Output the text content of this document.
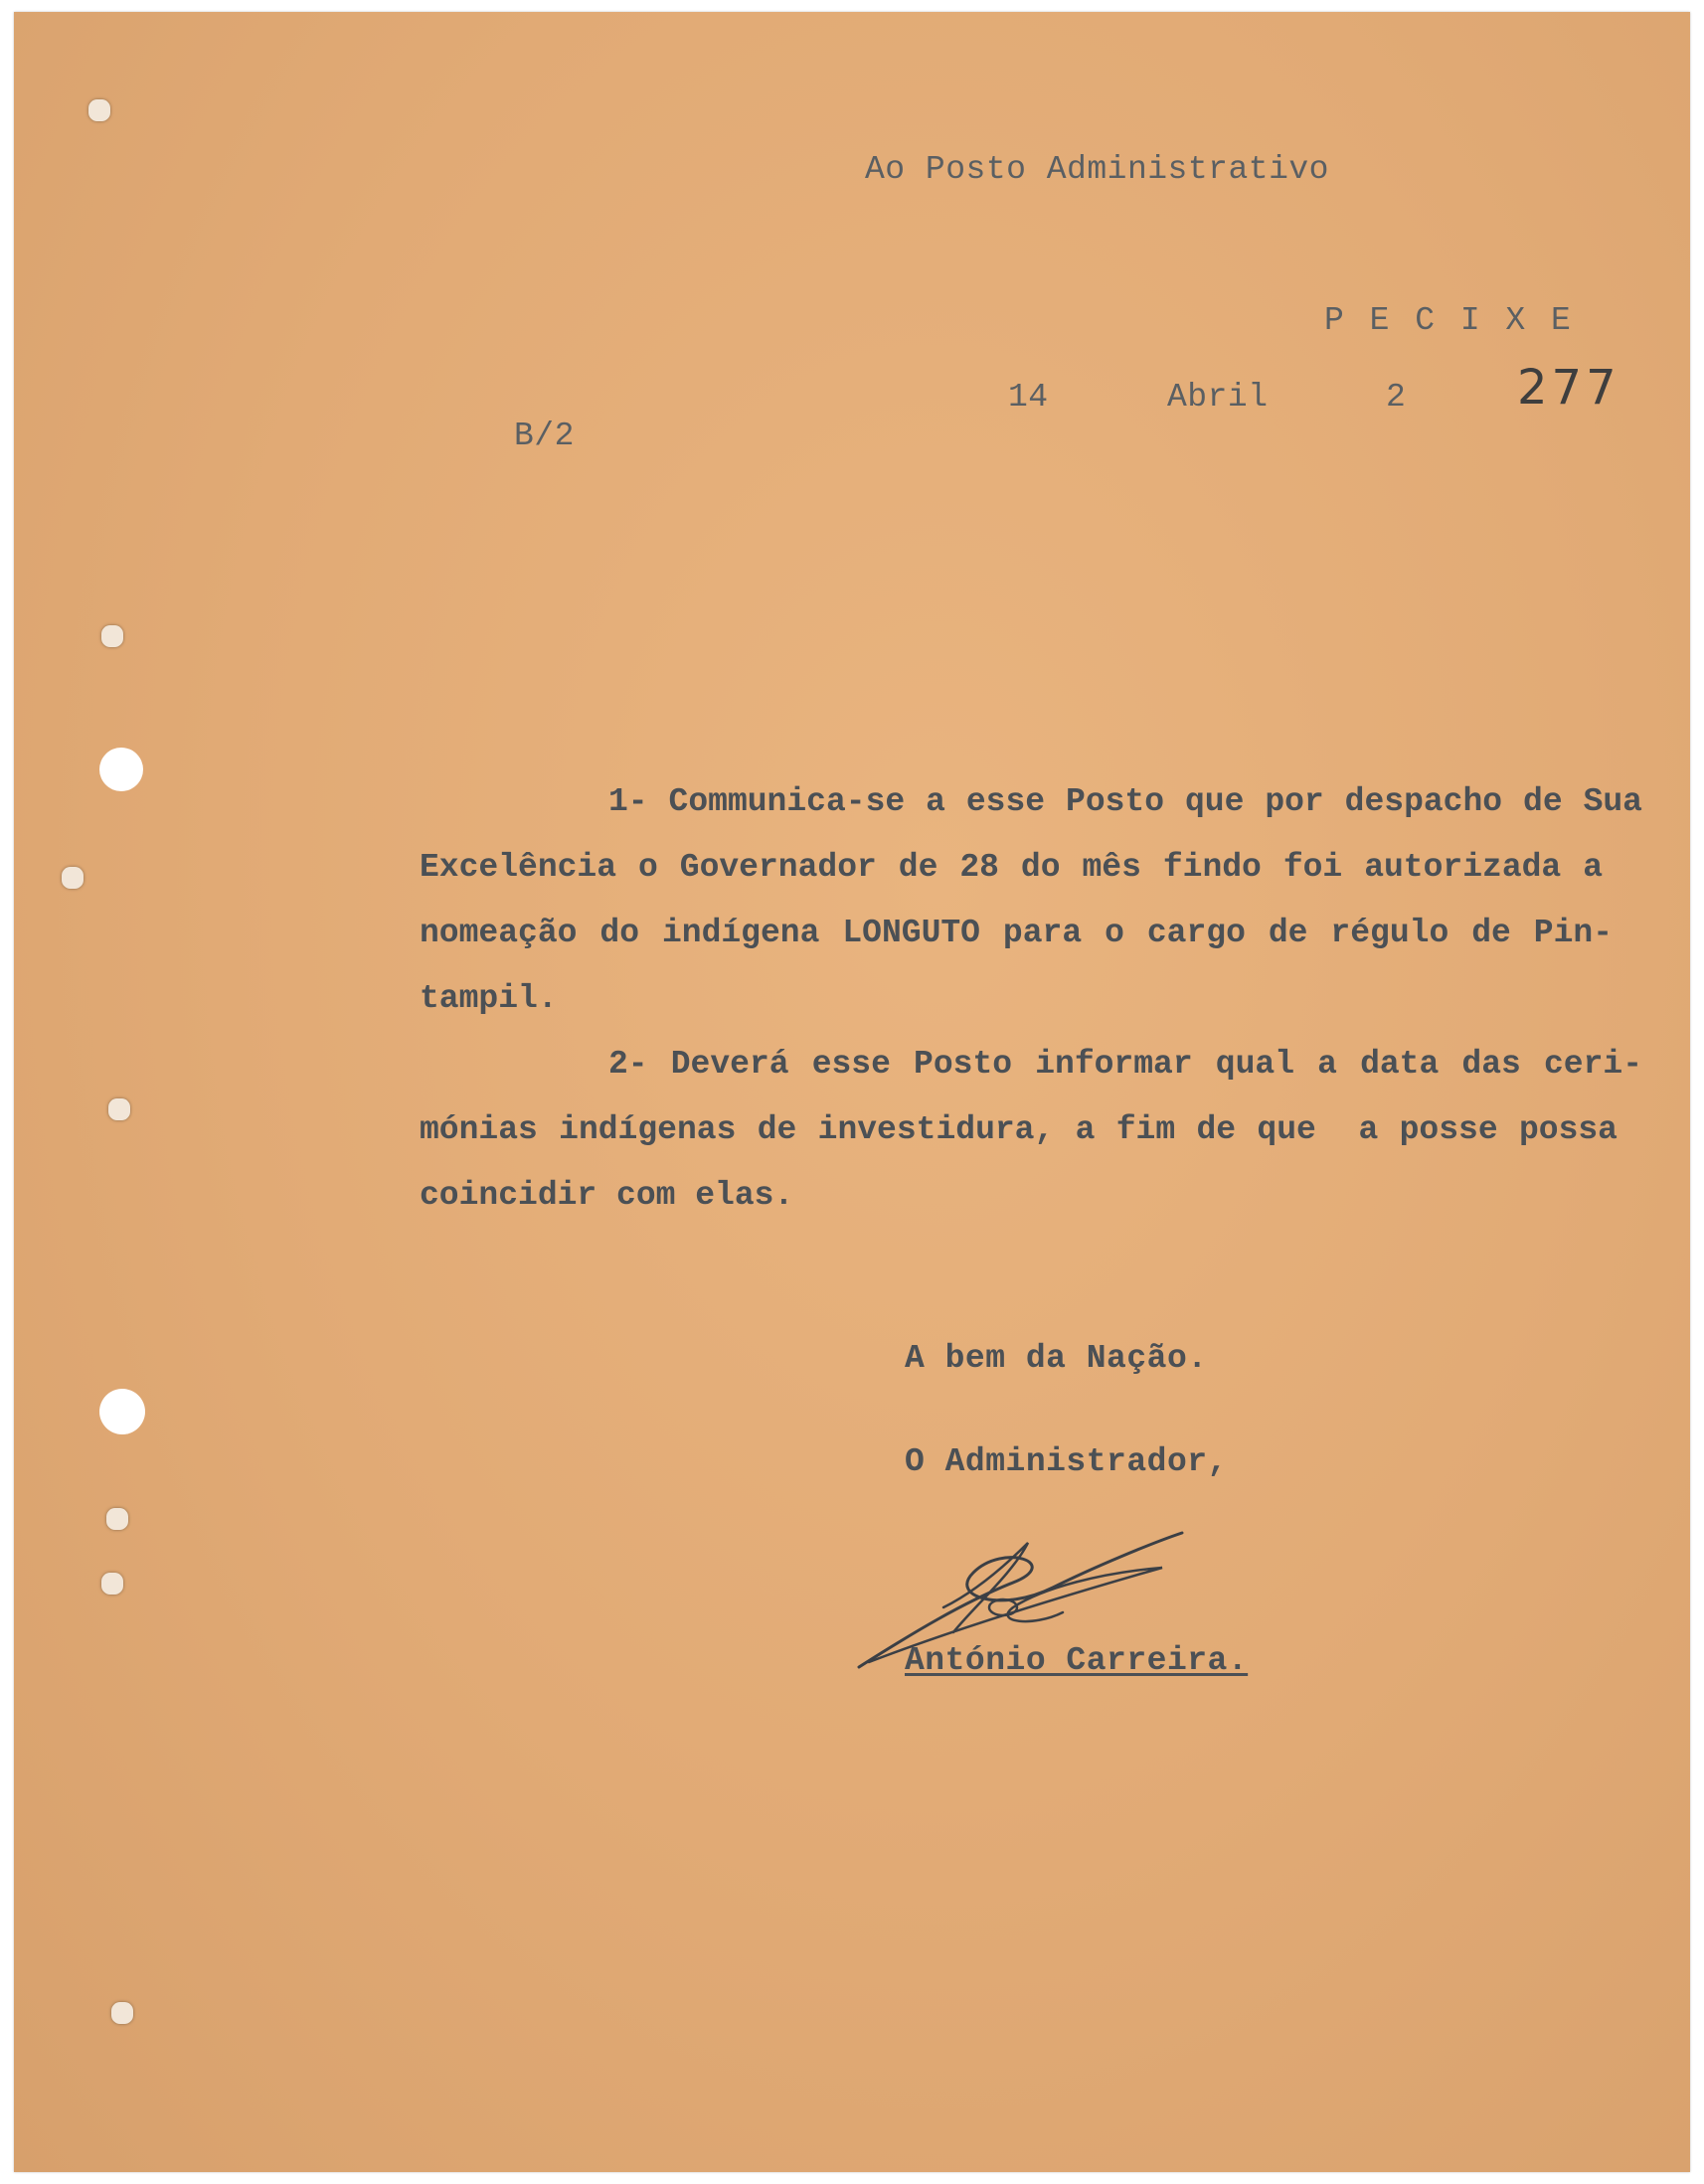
Ao Posto Administrativo
P E C I X E
14	Abril	2 277
B/2
1- Communica-se a esse Posto que por despacho de Sua
Excelência o Governador de 28 do mês findo foi autorizada a
nomeação do indígena LONGUTO para o cargo de régulo de Pin-
tampil.
2- Deverá esse Posto informar qual a data das ceri-
mónias indígenas de investidura, a fim de que  a posse possa
coincidir com elas.
A bem da Nação.
O Administrador,
António Carreira.
